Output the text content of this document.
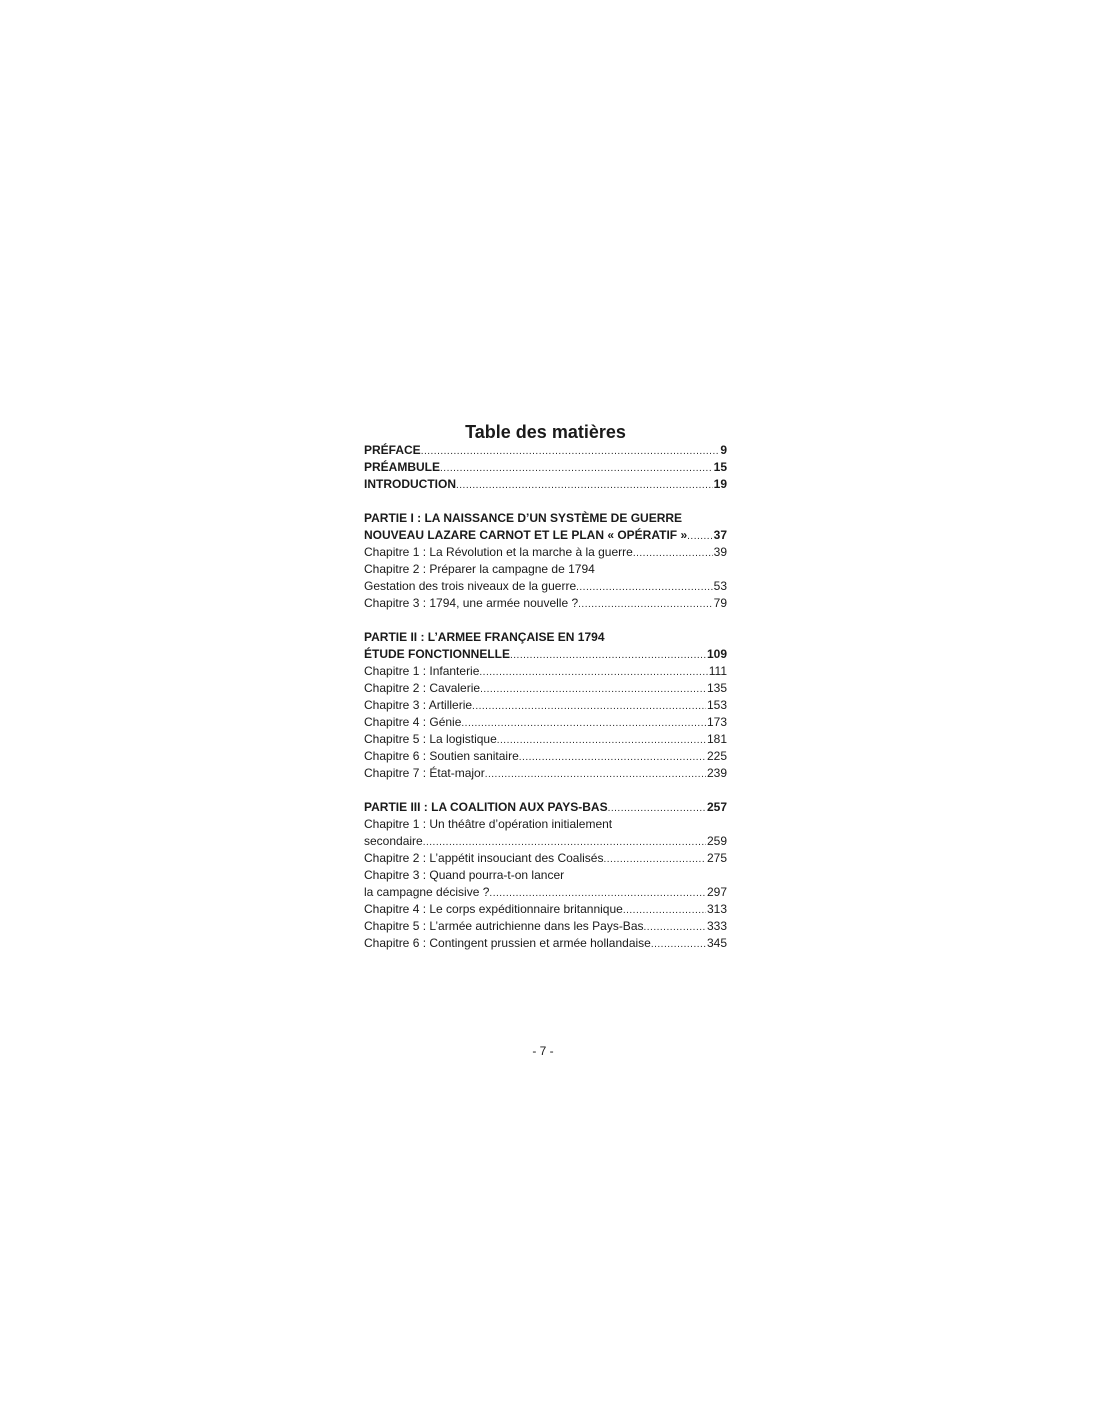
Table des matières
PRÉFACE .....	9
PRÉAMBULE .....	15
INTRODUCTION .....	19
PARTIE I : LA NAISSANCE D’UN SYSTÈME DE GUERRE
NOUVEAU LAZARE CARNOT ET LE PLAN « OPÉRATIF » ..... 37
Chapitre 1 : La Révolution et la marche à la guerre .....	39
Chapitre 2 : Préparer la campagne de 1794
Gestation des trois niveaux de la guerre .....	53
Chapitre 3 : 1794, une armée nouvelle ? .....	79
PARTIE II : L’ARMEE FRANÇAISE EN 1794
ÉTUDE FONCTIONNELLE .....	109
Chapitre 1 : Infanterie .....	111
Chapitre 2 : Cavalerie .....	135
Chapitre 3 : Artillerie .....	153
Chapitre 4 : Génie .....	173
Chapitre 5 : La logistique .....	181
Chapitre 6 : Soutien sanitaire .....	225
Chapitre 7 : État-major .....	239
PARTIE III : LA COALITION AUX PAYS-BAS .....	257
Chapitre 1 : Un théâtre d’opération initialement
secondaire .....	259
Chapitre 2 : L’appétit insouciant des Coalisés .....	275
Chapitre 3 : Quand pourra-t-on lancer
la campagne décisive ? .....	297
Chapitre 4 : Le corps expéditionnaire britannique .....	313
Chapitre 5 : L’armée autrichienne dans les Pays-Bas .....	333
Chapitre 6 : Contingent prussien et armée hollandaise .....	345
- 7 -
